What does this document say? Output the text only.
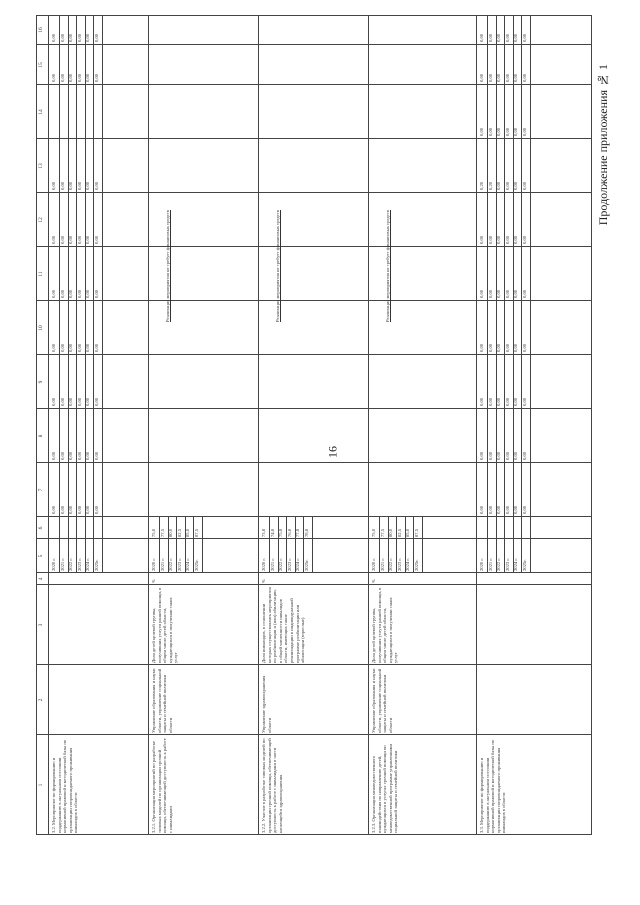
16
Продолжение приложения № 1
1
2
3
4
5
6
7
8
9
10
11
12
13
14
15
16
3.2. Мероприятие по формированию и поддержанию в актуальном состоянии нормативной правовой и методической базы по организации сопровождаемого проживания инвалидов в области
2020 г. 2021 г. 2022 г. 2023 г. 2024 г. 2025г.
0,00
0,00
0,00
0,00
0,00
0,00
0,00
0,00
0,00
0,00
0,00
0,00
0,00
0,00
0,00
0,00
0,00
0,00
0,00
0,00
0,00
0,00
0,00
0,00
0,00
0,00
0,00
0,00
0,00
0,00
0,00
0,00
0,00
0,00
0,00
0,00
0,00
0,00
0,00
0,00
0,00
0,00
0,00
0,00
0,00
0,00
0,00
0,00
0,00
0,00
0,00
0,00
0,00
0,00
3.2.1. Организация мероприятий по разработке типовых моделей по организации срочной помощи, обеспечивающей доступность к работе с инвалидами
Управление образования и науки области, управление социальной защиты и семейной политики области
Доля детей целевой группы, получивших услуги ранней помощи, в общем числе детей области, нуждающихся в получении таких услуг
%
2020 г. 2021 г. 2022 г. 2023 г. 2024 г. 2025г.
75,0 77,5 80,0 82,5 85,0 87,5
Реализация мероприятия не требует финансовых средств
3.2.2. Участие в разработке типовых моделей по организации срочной помощи, обеспечивающей доступность к работе с инвалидами в части касающейся здравоохранения
Управление здравоохранения области
Доля инвалидов, в отношении которых осуществлялись мероприятия по реабилитации и (или) абилитации, в общей численности инвалидов области, имеющих такие рекомендации в индивидуальной программе реабилитации или абилитации (взрослые)
%
2020 г. 2021 г. 2022 г. 2023 г. 2024 г. 2025г.
73,8 74,8 75,8 76,8 77,8 78,8
Реализация мероприятия не требует финансовых средств
3.2.3. Организация межведомственного взаимодействия по направлению детей, нуждающихся в услугах срочной помощи по межведомственной программе управлениями социальной защиты и семейной политики
Управление образования и науки области, управление социальной защиты и семейной политики области
Доля детей целевой группы, получивших услуги ранней помощи, в общем числе детей области, нуждающихся в получении таких услуг
%
2020 г. 2021 г. 2022 г. 2023 г. 2024 г. 2025г.
75,0 77,5 80,0 82,5 85,0 87,5
Реализация мероприятия не требует финансовых средств
3.3. Мероприятие по формированию и поддержанию в актуальном состоянии нормативной правовой и методической базы по организации сопровождаемого проживания инвалидов в области
2020 г. 2021 г. 2022 г. 2023 г. 2024 г. 2025г.
0,00
0,00
0,00
0,00
0,00
0,00
0,20
0,00
0,00
0,00
0,00
0,00
0,00
0,00
0,00
0,00
0,20
0,00
0,00
0,00
0,00
0,00
0,00
0,00
0,00
0,00
0,00
0,00
0,00
0,00
0,00
0,00
0,00
0,00
0,00
0,00
0,00
0,00
0,00
0,00
0,00
0,00
0,00
0,00
0,00
0,00
0,00
0,00
0,00
0,00
0,00
0,00
0,00
0,00
0,00
0,00
0,00
0,00
0,00
0,00
